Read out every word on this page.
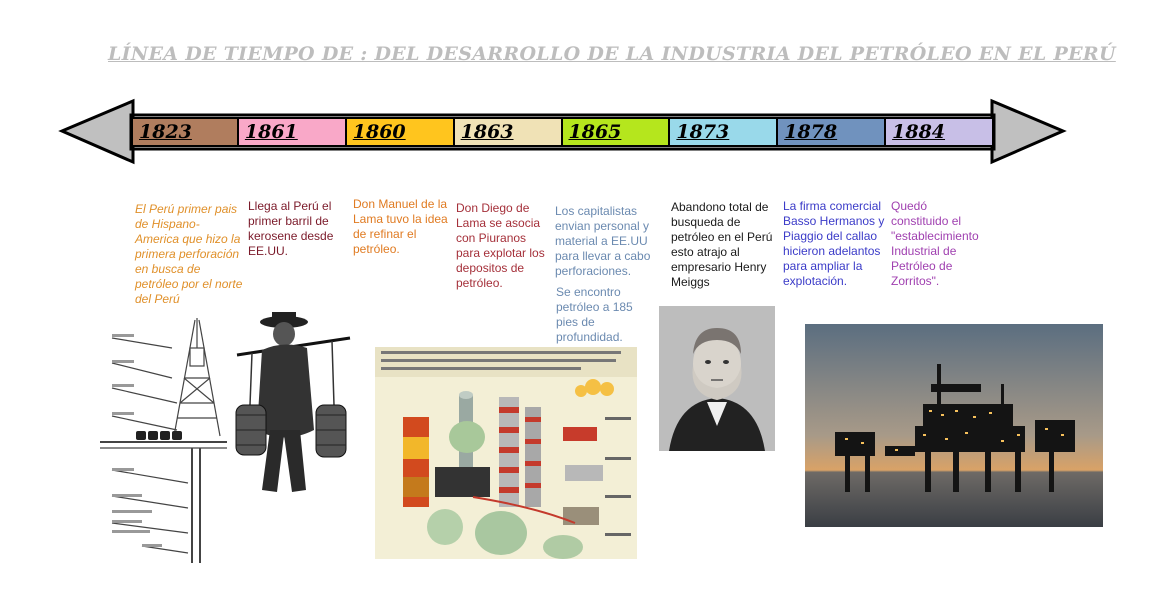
LÍNEA DE TIEMPO DE : DEL DESARROLLO DE LA INDUSTRIA DEL PETRÓLEO EN EL PERÚ
1823	1861	1860	1863	1865	1873	1878	1884
El Perú primer pais de Hispano-America que hizo la primera perforación en busca de petróleo por el norte del Perú
Llega al Perú el primer barril de kerosene desde EE.UU.
Don Manuel de la Lama tuvo la idea de refinar el petróleo.
Don Diego de Lama se asocia con Piuranos para explotar los depositos de petróleo.
Los capitalistas envian personal y material a EE.UU para llevar a cabo perforaciones.
Se encontro petróleo a 185 pies de profundidad.
Abandono total de busqueda de petróleo en el Perú esto atrajo al empresario Henry Meiggs
La firma comercial Basso Hermanos y Piaggio del callao hicieron adelantos para ampliar la explotación.
Quedó constituido el "establecimiento Industrial de Petróleo de Zorritos".
